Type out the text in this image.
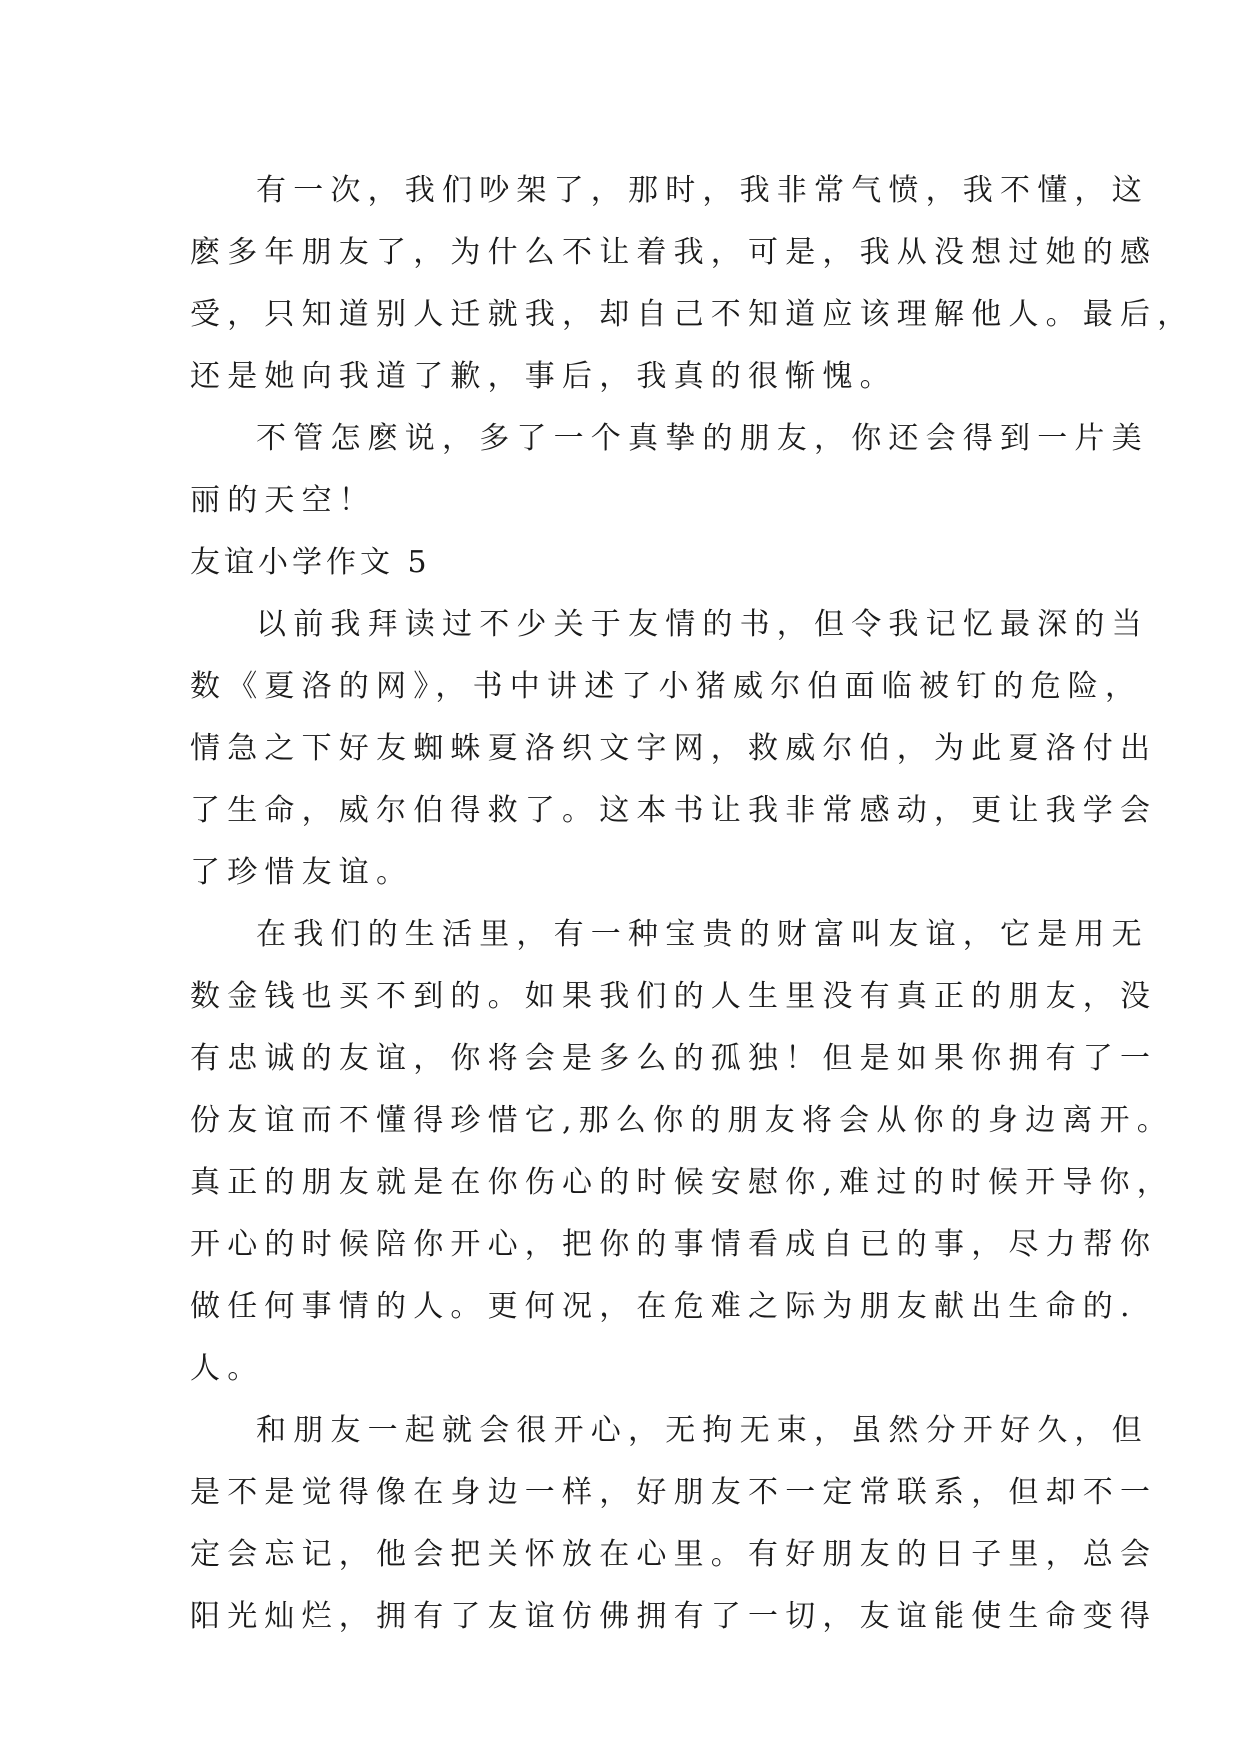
有一次，我们吵架了，那时，我非常气愤，我不懂，这
麽多年朋友了，为什么不让着我，可是，我从没想过她的感
受，只知道别人迁就我，却自己不知道应该理解他人。最后，
还是她向我道了歉，事后，我真的很惭愧。
不管怎麽说，多了一个真挚的朋友，你还会得到一片美
丽的天空！
友谊小学作文 5
以前我拜读过不少关于友情的书，但令我记忆最深的当
数《夏洛的网》，书中讲述了小猪威尔伯面临被钉的危险，
情急之下好友蜘蛛夏洛织文字网，救威尔伯，为此夏洛付出
了生命，威尔伯得救了。这本书让我非常感动，更让我学会
了珍惜友谊。
在我们的生活里，有一种宝贵的财富叫友谊，它是用无
数金钱也买不到的。如果我们的人生里没有真正的朋友，没
有忠诚的友谊，你将会是多么的孤独！但是如果你拥有了一
份友谊而不懂得珍惜它,那么你的朋友将会从你的身边离开。
真正的朋友就是在你伤心的时候安慰你,难过的时候开导你，
开心的时候陪你开心，把你的事情看成自已的事，尽力帮你
做任何事情的人。更何况，在危难之际为朋友献出生命的.
人。
和朋友一起就会很开心，无拘无束，虽然分开好久，但
是不是觉得像在身边一样，好朋友不一定常联系，但却不一
定会忘记，他会把关怀放在心里。有好朋友的日子里，总会
阳光灿烂，拥有了友谊仿佛拥有了一切，友谊能使生命变得
